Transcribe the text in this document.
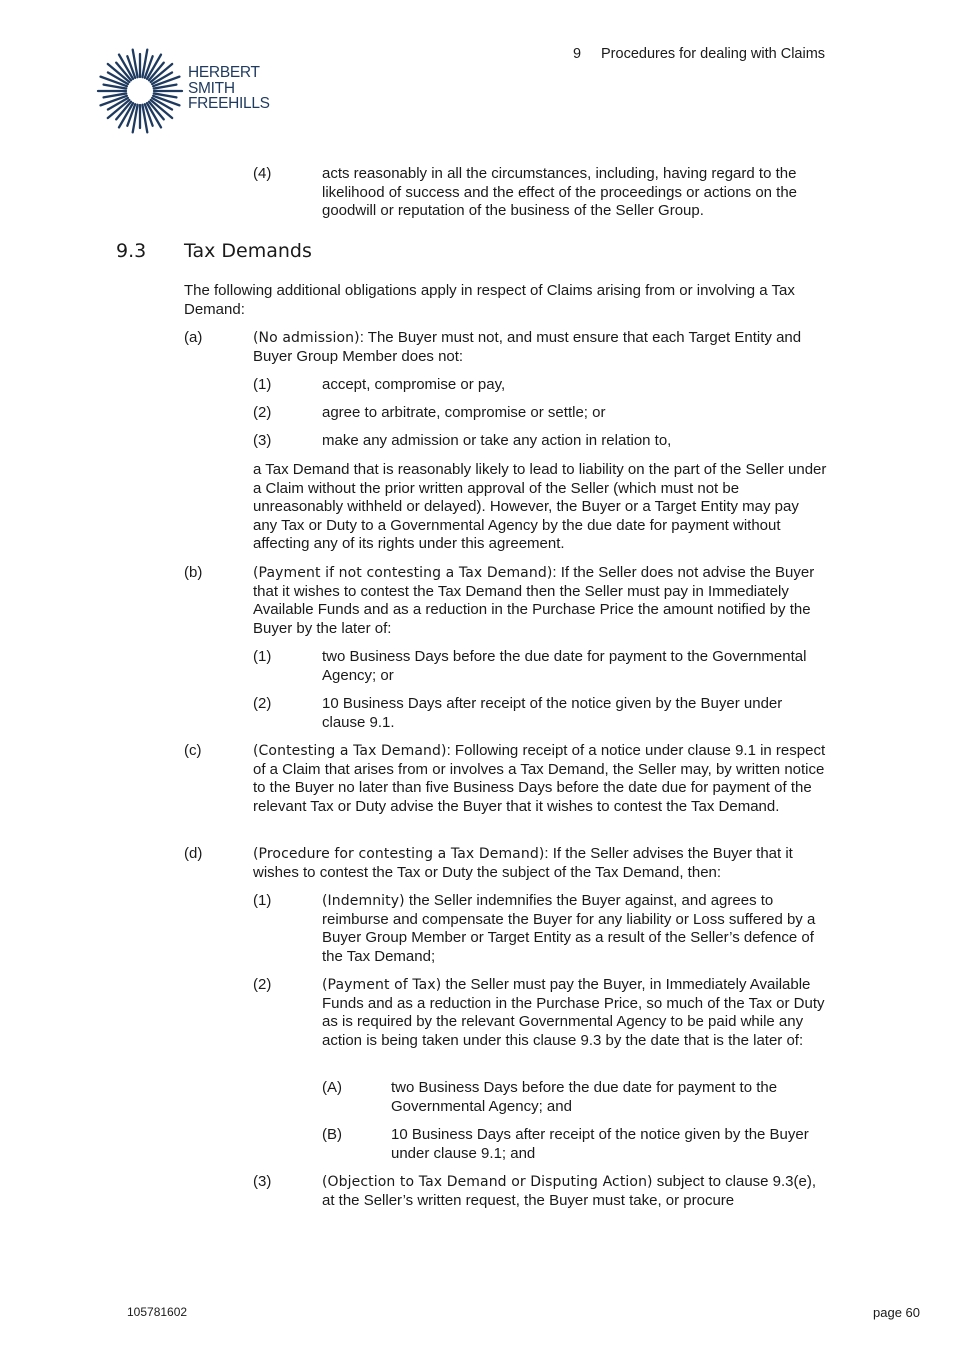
HERBERT
SMITH
FREEHILLS
9 Procedures for dealing with Claims
(4)	acts reasonably in all the circumstances, including, having regard to the likelihood of success and the effect of the proceedings or actions on the goodwill or reputation of the business of the Seller Group.

9.3 Tax Demands

The following additional obligations apply in respect of Claims arising from or involving a Tax Demand:

(a)	(No admission): The Buyer must not, and must ensure that each Target Entity and Buyer Group Member does not:

(1)	accept, compromise or pay,

(2)	agree to arbitrate, compromise or settle; or

(3)	make any admission or take any action in relation to,

a Tax Demand that is reasonably likely to lead to liability on the part of the Seller under a Claim without the prior written approval of the Seller (which must not be unreasonably withheld or delayed). However, the Buyer or a Target Entity may pay any Tax or Duty to a Governmental Agency by the due date for payment without affecting any of its rights under this agreement.

(b)	(Payment if not contesting a Tax Demand): If the Seller does not advise the Buyer that it wishes to contest the Tax Demand then the Seller must pay in Immediately Available Funds and as a reduction in the Purchase Price the amount notified by the Buyer by the later of:

(1)	two Business Days before the due date for payment to the Governmental Agency; or

(2)	10 Business Days after receipt of the notice given by the Buyer under clause 9.1.

(c)	(Contesting a Tax Demand): Following receipt of a notice under clause 9.1 in respect of a Claim that arises from or involves a Tax Demand, the Seller may, by written notice to the Buyer no later than five Business Days before the date due for payment of the relevant Tax or Duty advise the Buyer that it wishes to contest the Tax Demand.

(d)	(Procedure for contesting a Tax Demand): If the Seller advises the Buyer that it wishes to contest the Tax or Duty the subject of the Tax Demand, then:

(1)	(Indemnity) the Seller indemnifies the Buyer against, and agrees to reimburse and compensate the Buyer for any liability or Loss suffered by a Buyer Group Member or Target Entity as a result of the Seller’s defence of the Tax Demand;

(2)	(Payment of Tax) the Seller must pay the Buyer, in Immediately Available Funds and as a reduction in the Purchase Price, so much of the Tax or Duty as is required by the relevant Governmental Agency to be paid while any action is being taken under this clause 9.3 by the date that is the later of:

(A)	two Business Days before the due date for payment to the Governmental Agency; and

(B)	10 Business Days after receipt of the notice given by the Buyer under clause 9.1; and

(3)	(Objection to Tax Demand or Disputing Action) subject to clause 9.3(e), at the Seller’s written request, the Buyer must take, or procure

105781602	page 60
